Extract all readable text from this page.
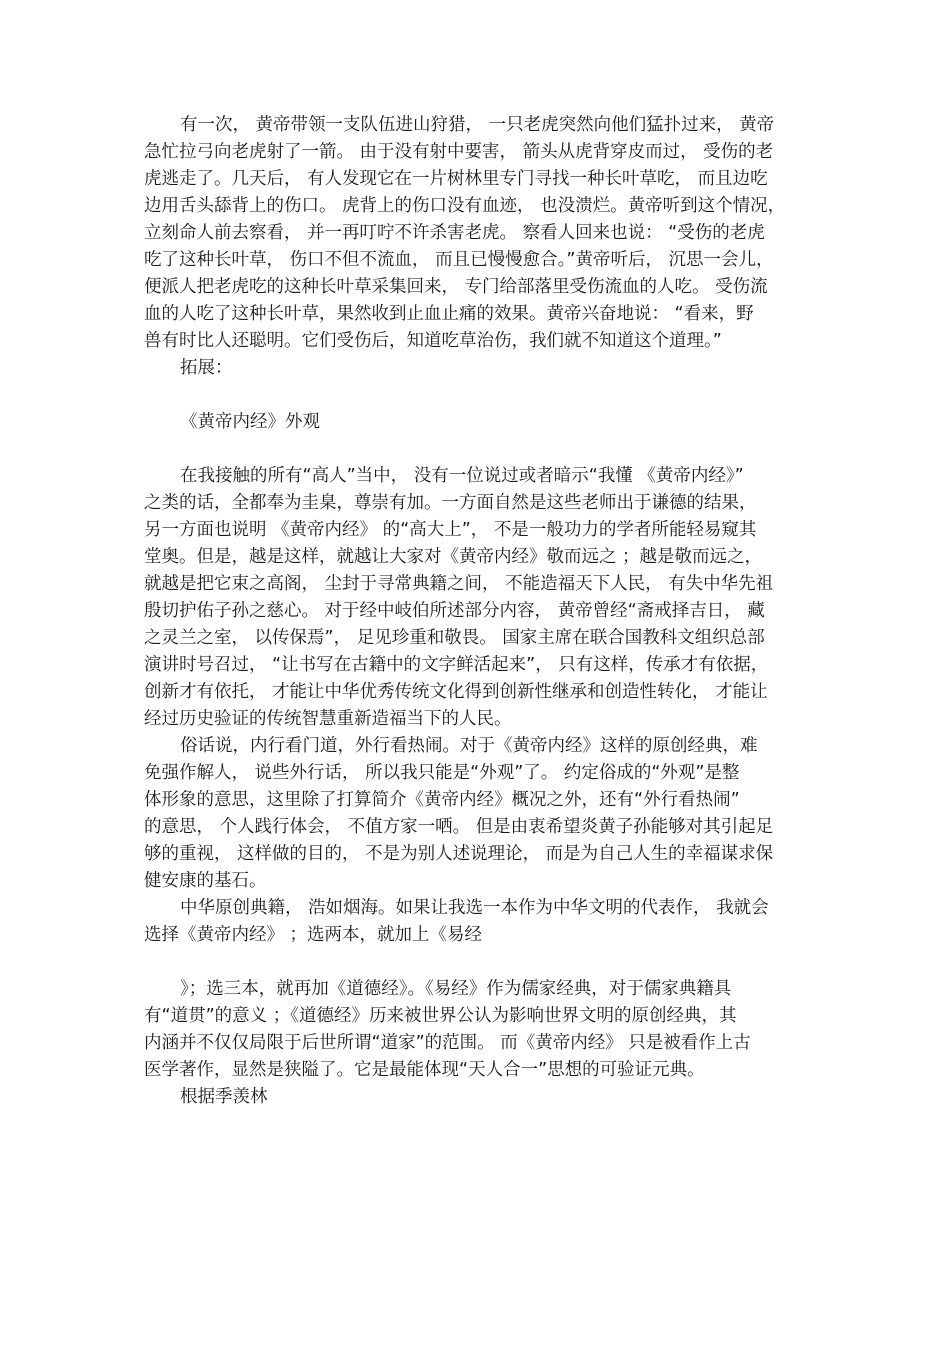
有一次， 黄帝带领一支队伍进山狩猎， 一只老虎突然向他们猛扑过来， 黄帝
急忙拉弓向老虎射了一箭。 由于没有射中要害， 箭头从虎背穿皮而过， 受伤的老
虎逃走了。几天后， 有人发现它在一片树林里专门寻找一种长叶草吃， 而且边吃
边用舌头舔背上的伤口。 虎背上的伤口没有血迹， 也没溃烂。黄帝听到这个情况，
立刻命人前去察看， 并一再叮咛不许杀害老虎。 察看人回来也说： “受伤的老虎
吃了这种长叶草， 伤口不但不流血， 而且已慢慢愈合。”黄帝听后， 沉思一会儿，
便派人把老虎吃的这种长叶草采集回来， 专门给部落里受伤流血的人吃。 受伤流
血的人吃了这种长叶草，果然收到止血止痛的效果。黄帝兴奋地说： “看来，野
兽有时比人还聪明。它们受伤后，知道吃草治伤，我们就不知道这个道理。”
拓展：
《黄帝内经》外观
在我接触的所有“高人”当中， 没有一位说过或者暗示“我懂 《黄帝内经》”
之类的话，全都奉为圭臬，尊崇有加。一方面自然是这些老师出于谦德的结果，
另一方面也说明 《黄帝内经》 的“高大上”， 不是一般功力的学者所能轻易窥其
堂奥。但是，越是这样，就越让大家对《黄帝内经》敬而远之 ；越是敬而远之，
就越是把它束之高阁， 尘封于寻常典籍之间， 不能造福天下人民， 有失中华先祖
殷切护佑子孙之慈心。 对于经中岐伯所述部分内容， 黄帝曾经“斋戒择吉日， 藏
之灵兰之室， 以传保焉”， 足见珍重和敬畏。 国家主席在联合国教科文组织总部
演讲时号召过， “让书写在古籍中的文字鲜活起来”， 只有这样，传承才有依据，
创新才有依托， 才能让中华优秀传统文化得到创新性继承和创造性转化， 才能让
经过历史验证的传统智慧重新造福当下的人民。
俗话说，内行看门道，外行看热闹。对于《黄帝内经》这样的原创经典，难
免强作解人， 说些外行话， 所以我只能是“外观”了。 约定俗成的“外观”是整
体形象的意思，这里除了打算简介《黄帝内经》概况之外，还有“外行看热闹”
的意思， 个人践行体会， 不值方家一哂。 但是由衷希望炎黄子孙能够对其引起足
够的重视， 这样做的目的， 不是为别人述说理论， 而是为自己人生的幸福谋求保
健安康的基石。
中华原创典籍， 浩如烟海。如果让我选一本作为中华文明的代表作， 我就会
选择《黄帝内经》 ；选两本，就加上《易经
》；选三本，就再加《道德经》。《易经》作为儒家经典，对于儒家典籍具
有“道贯”的意义 ；《道德经》历来被世界公认为影响世界文明的原创经典，其
内涵并不仅仅局限于后世所谓“道家”的范围。 而《黄帝内经》 只是被看作上古
医学著作，显然是狭隘了。它是最能体现“天人合一”思想的可验证元典。
根据季羡林
